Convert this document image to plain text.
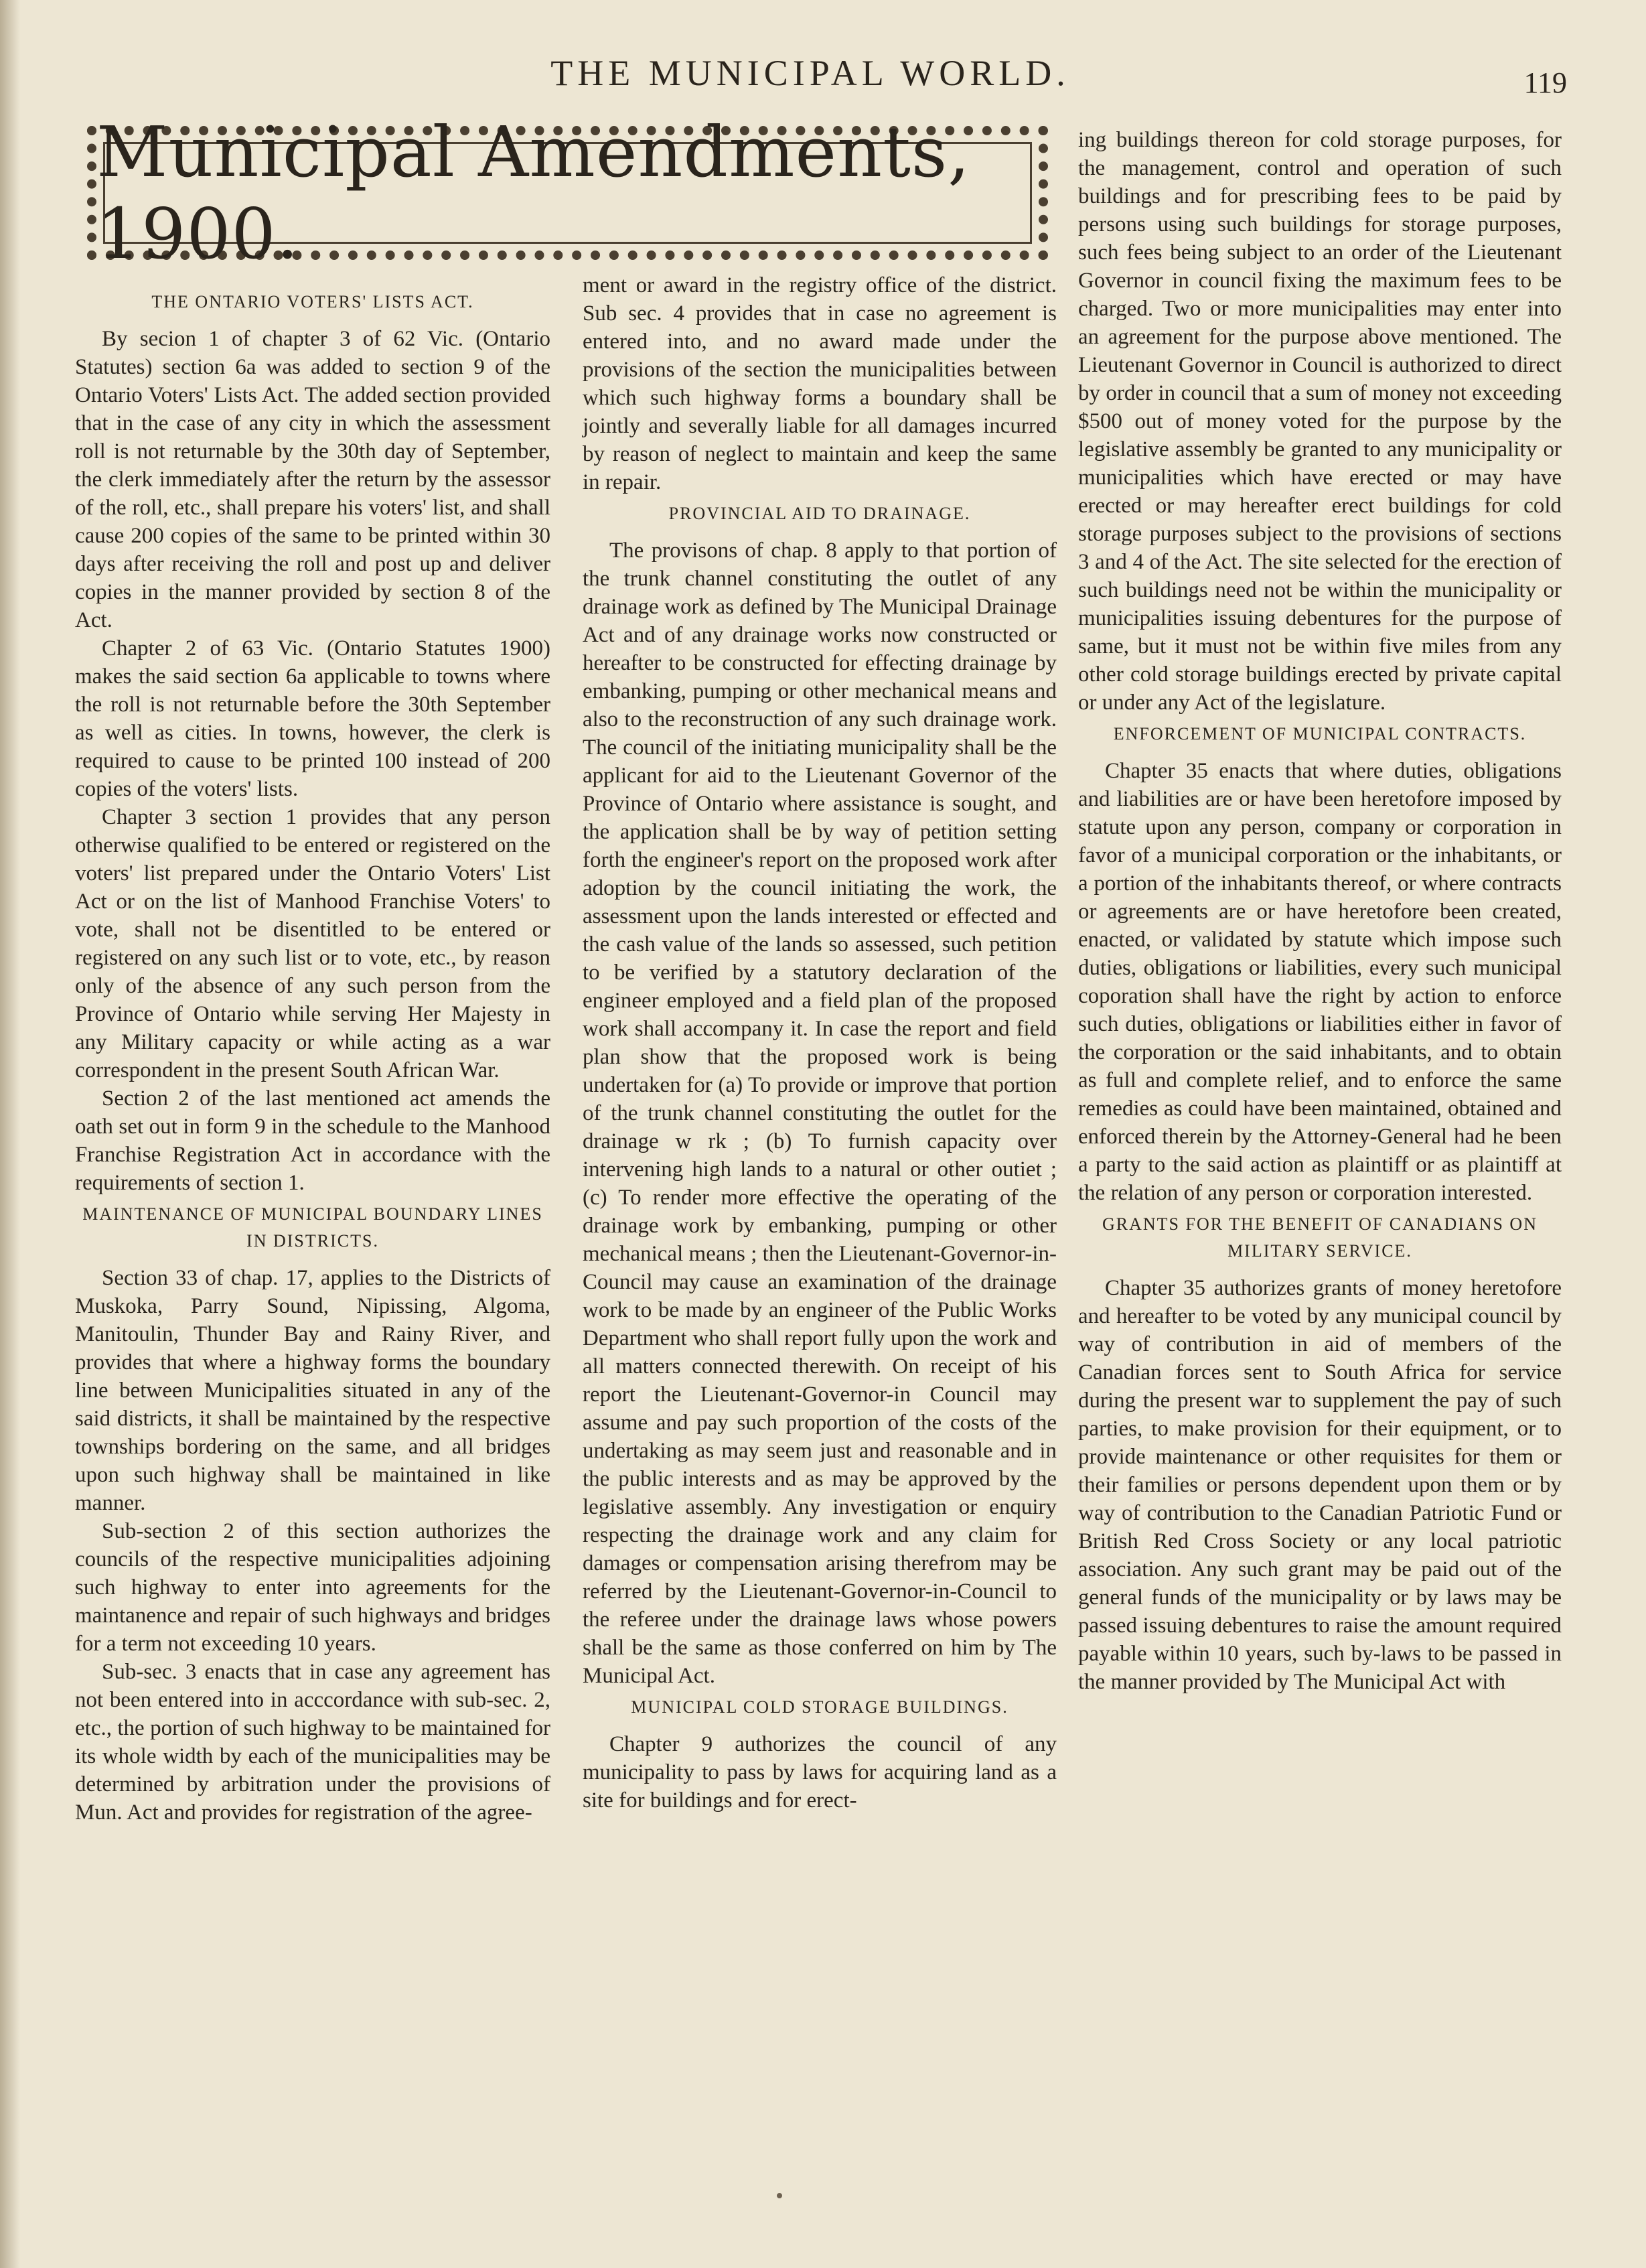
THE MUNICIPAL WORLD.	119
Municipal Amendments, 1900.
THE ONTARIO VOTERS' LISTS ACT.

By secion 1 of chapter 3 of 62 Vic. (Ontario Statutes) section 6a was added to section 9 of the Ontario Voters' Lists Act. The added section provided that in the case of any city in which the assessment roll is not returnable by the 30th day of September, the clerk immediately after the return by the assessor of the roll, etc., shall prepare his voters' list, and shall cause 200 copies of the same to be printed within 30 days after receiving the roll and post up and deliver copies in the manner provided by section 8 of the Act.

Chapter 2 of 63 Vic. (Ontario Statutes 1900) makes the said section 6a applicable to towns where the roll is not returnable before the 30th September as well as cities. In towns, however, the clerk is required to cause to be printed 100 instead of 200 copies of the voters' lists.

Chapter 3 section 1 provides that any person otherwise qualified to be entered or registered on the voters' list prepared under the Ontario Voters' List Act or on the list of Manhood Franchise Voters' to vote, shall not be disentitled to be entered or registered on any such list or to vote, etc., by reason only of the absence of any such person from the Province of Ontario while serving Her Majesty in any Military capacity or while acting as a war correspondent in the present South African War.

Section 2 of the last mentioned act amends the oath set out in form 9 in the schedule to the Manhood Franchise Registration Act in accordance with the requirements of section 1.

MAINTENANCE OF MUNICIPAL BOUNDARY LINES IN DISTRICTS.

Section 33 of chap. 17, applies to the Districts of Muskoka, Parry Sound, Nipissing, Algoma, Manitoulin, Thunder Bay and Rainy River, and provides that where a highway forms the boundary line between Municipalities situated in any of the said districts, it shall be maintained by the respective townships bordering on the same, and all bridges upon such highway shall be maintained in like manner.

Sub-section 2 of this section authorizes the councils of the respective municipalities adjoining such highway to enter into agreements for the maintanence and repair of such highways and bridges for a term not exceeding 10 years.

Sub-sec. 3 enacts that in case any agreement has not been entered into in acccordance with sub-sec. 2, etc., the portion of such highway to be maintained for its whole width by each of the municipalities may be determined by arbitration under the provisions of Mun. Act and provides for registration of the agree-

ment or award in the registry office of the district. Sub sec. 4 provides that in case no agreement is entered into, and no award made under the provisions of the section the municipalities between which such highway forms a boundary shall be jointly and severally liable for all damages incurred by reason of neglect to maintain and keep the same in repair.

PROVINCIAL AID TO DRAINAGE.

The provisons of chap. 8 apply to that portion of the trunk channel constituting the outlet of any drainage work as defined by The Municipal Drainage Act and of any drainage works now constructed or hereafter to be constructed for effecting drainage by embanking, pumping or other mechanical means and also to the reconstruction of any such drainage work. The council of the initiating municipality shall be the applicant for aid to the Lieutenant Governor of the Province of Ontario where assistance is sought, and the application shall be by way of petition setting forth the engineer's report on the proposed work after adoption by the council initiating the work, the assessment upon the lands interested or effected and the cash value of the lands so assessed, such petition to be verified by a statutory declaration of the engineer employed and a field plan of the proposed work shall accompany it. In case the report and field plan show that the proposed work is being undertaken for (a) To provide or improve that portion of the trunk channel constituting the outlet for the drainage w rk ; (b) To furnish capacity over intervening high lands to a natural or other outiet ; (c) To render more effective the operating of the drainage work by embanking, pumping or other mechanical means ; then the Lieutenant-Governor-in-Council may cause an examination of the drainage work to be made by an engineer of the Public Works Department who shall report fully upon the work and all matters connected therewith. On receipt of his report the Lieutenant-Governor-in Council may assume and pay such proportion of the costs of the undertaking as may seem just and reasonable and in the public interests and as may be approved by the legislative assembly. Any investigation or enquiry respecting the drainage work and any claim for damages or compensation arising therefrom may be referred by the Lieutenant-Governor-in-Council to the referee under the drainage laws whose powers shall be the same as those conferred on him by The Municipal Act.

MUNICIPAL COLD STORAGE BUILDINGS.

Chapter 9 authorizes the council of any municipality to pass by laws for acquiring land as a site for buildings and for erect-

ing buildings thereon for cold storage purposes, for the management, control and operation of such buildings and for prescribing fees to be paid by persons using such buildings for storage purposes, such fees being subject to an order of the Lieutenant Governor in council fixing the maximum fees to be charged. Two or more municipalities may enter into an agreement for the purpose above mentioned. The Lieutenant Governor in Council is authorized to direct by order in council that a sum of money not exceeding $500 out of money voted for the purpose by the legislative assembly be granted to any municipality or municipalities which have erected or may have erected or may hereafter erect buildings for cold storage purposes subject to the provisions of sections 3 and 4 of the Act. The site selected for the erection of such buildings need not be within the municipality or municipalities issuing debentures for the purpose of same, but it must not be within five miles from any other cold storage buildings erected by private capital or under any Act of the legislature.

ENFORCEMENT OF MUNICIPAL CONTRACTS.

Chapter 35 enacts that where duties, obligations and liabilities are or have been heretofore imposed by statute upon any person, company or corporation in favor of a municipal corporation or the inhabitants, or a portion of the inhabitants thereof, or where contracts or agreements are or have heretofore been created, enacted, or validated by statute which impose such duties, obligations or liabilities, every such municipal coporation shall have the right by action to enforce such duties, obligations or liabilities either in favor of the corporation or the said inhabitants, and to obtain as full and complete relief, and to enforce the same remedies as could have been maintained, obtained and enforced therein by the Attorney-General had he been a party to the said action as plaintiff or as plaintiff at the relation of any person or corporation interested.

GRANTS FOR THE BENEFIT OF CANADIANS ON MILITARY SERVICE.

Chapter 35 authorizes grants of money heretofore and hereafter to be voted by any municipal council by way of contribution in aid of members of the Canadian forces sent to South Africa for service during the present war to supplement the pay of such parties, to make provision for their equipment, or to provide maintenance or other requisites for them or their families or persons dependent upon them or by way of contribution to the Canadian Patriotic Fund or British Red Cross Society or any local patriotic association. Any such grant may be paid out of the general funds of the municipality or by laws may be passed issuing debentures to raise the amount required payable within 10 years, such by-laws to be passed in the manner provided by The Municipal Act with
